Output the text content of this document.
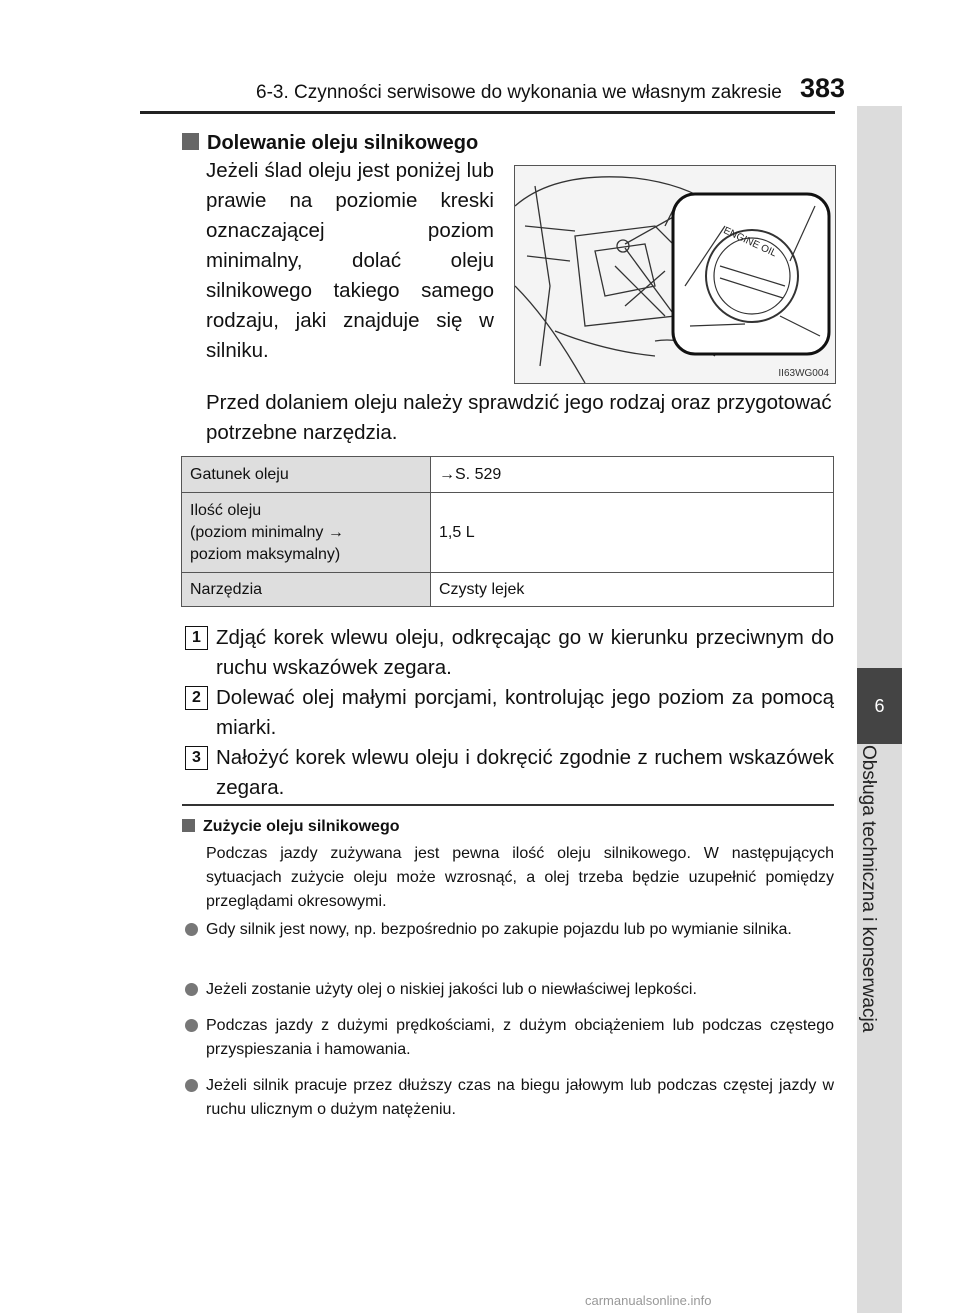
6-3. Czynności serwisowe do wykonania we własnym zakresie 383
6
Obsługa techniczna i konserwacja
Dolewanie oleju silnikowego
Jeżeli ślad oleju jest poniżej lub prawie na poziomie kreski oznaczającej poziom minimalny, dolać oleju silnikowego takiego samego rodzaju, jaki znajduje się w silniku.
ENGINE OIL
II63WG004
Przed dolaniem oleju należy sprawdzić jego rodzaj oraz przygotować potrzebne narzędzia.
Gatunek oleju	→S. 529
Ilość oleju
(poziom minimalny →
poziom maksymalny)	1,5 L
Narzędzia	Czysty lejek
1 Zdjąć korek wlewu oleju, odkręcając go w kierunku przeciwnym do ruchu wskazówek zegara.
2 Dolewać olej małymi porcjami, kontrolując jego poziom za pomocą miarki.
3 Nałożyć korek wlewu oleju i dokręcić zgodnie z ruchem wskazówek zegara.
Zużycie oleju silnikowego
Podczas jazdy zużywana jest pewna ilość oleju silnikowego. W następujących sytuacjach zużycie oleju może wzrosnąć, a olej trzeba będzie uzupełnić pomiędzy przeglądami okresowymi.
Gdy silnik jest nowy, np. bezpośrednio po zakupie pojazdu lub po wymianie silnika.
Jeżeli zostanie użyty olej o niskiej jakości lub o niewłaściwej lepkości.
Podczas jazdy z dużymi prędkościami, z dużym obciążeniem lub podczas częstego przyspieszania i hamowania.
Jeżeli silnik pracuje przez dłuższy czas na biegu jałowym lub podczas częstej jazdy w ruchu ulicznym o dużym natężeniu.
carmanualsonline.info
